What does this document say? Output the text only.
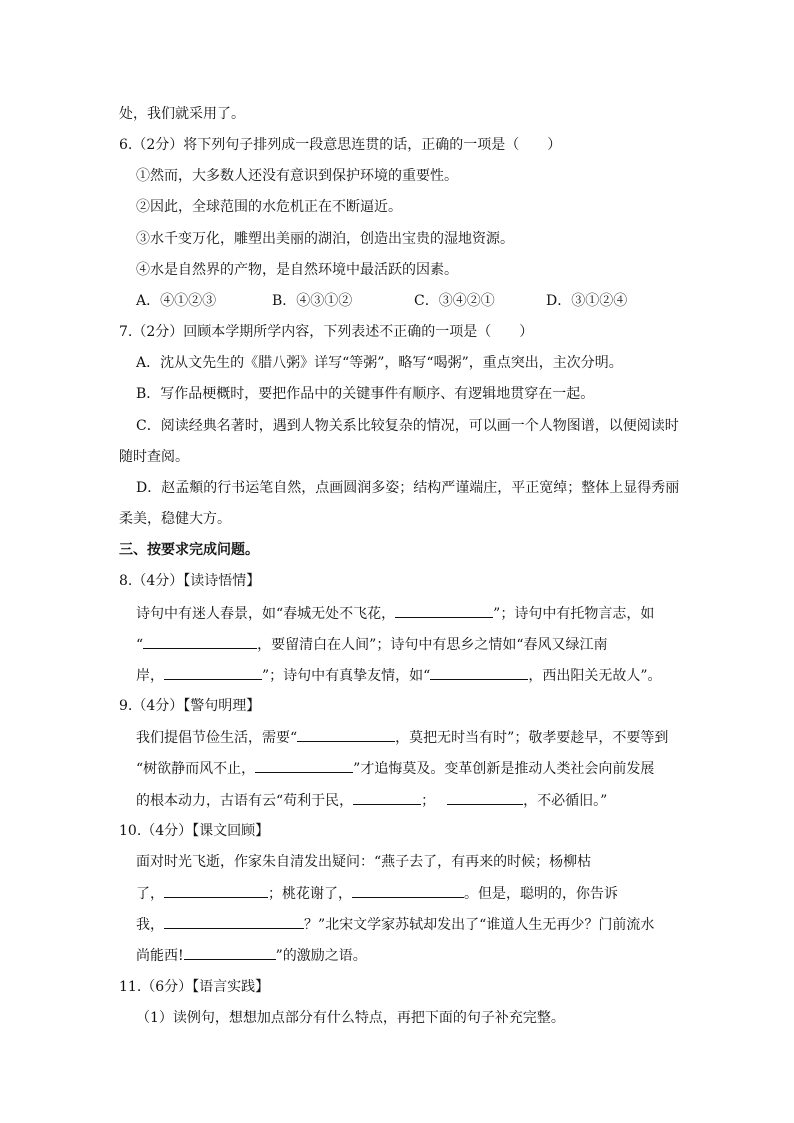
处，我们就采用了。
6.（2分）将下列句子排列成一段意思连贯的话，正确的一项是（　　）
①然而，大多数人还没有意识到保护环境的重要性。
②因此，全球范围的水危机正在不断逼近。
③水千变万化，雕塑出美丽的湖泊，创造出宝贵的湿地资源。
④水是自然界的产物，是自然环境中最活跃的因素。
A．④①②③	B．④③①②	C．③④②①	D．③①②④
7.（2分）回顾本学期所学内容，下列表述不正确的一项是（　　）
A．沈从文先生的《腊八粥》详写“等粥”，略写“喝粥”，重点突出，主次分明。
B．写作品梗概时，要把作品中的关键事件有顺序、有逻辑地贯穿在一起。
C．阅读经典名著时，遇到人物关系比较复杂的情况，可以画一个人物图谱，以便阅读时
随时查阅。
D．赵孟頫的行书运笔自然，点画圆润多姿；结构严谨端庄，平正宽绰；整体上显得秀丽
柔美，稳健大方。
三、按要求完成问题。
8.（4分）【读诗悟情】
诗句中有迷人春景，如“春城无处不飞花，	”；诗句中有托物言志，如
“	，要留清白在人间”；诗句中有思乡之情如“春风又绿江南
岸，	”；诗句中有真挚友情，如“	，西出阳关无故人”。
9.（4分）【警句明理】
我们提倡节俭生活，需要“	，莫把无时当有时”；敬孝要趁早，不要等到
“树欲静而风不止，	”才追悔莫及。变革创新是推动人类社会向前发展
的根本动力，古语有云“苟利于民，	；	，不必循旧。”
10.（4分）【课文回顾】
面对时光飞逝，作家朱自清发出疑问：“燕子去了，有再来的时候；杨柳枯
了，	；桃花谢了，	。但是，聪明的，你告诉
我，	？”北宋文学家苏轼却发出了“谁道人生无再少？门前流水
尚能西!	”的激励之语。
11.（6分）【语言实践】
（1）读例句，想想加点部分有什么特点，再把下面的句子补充完整。
